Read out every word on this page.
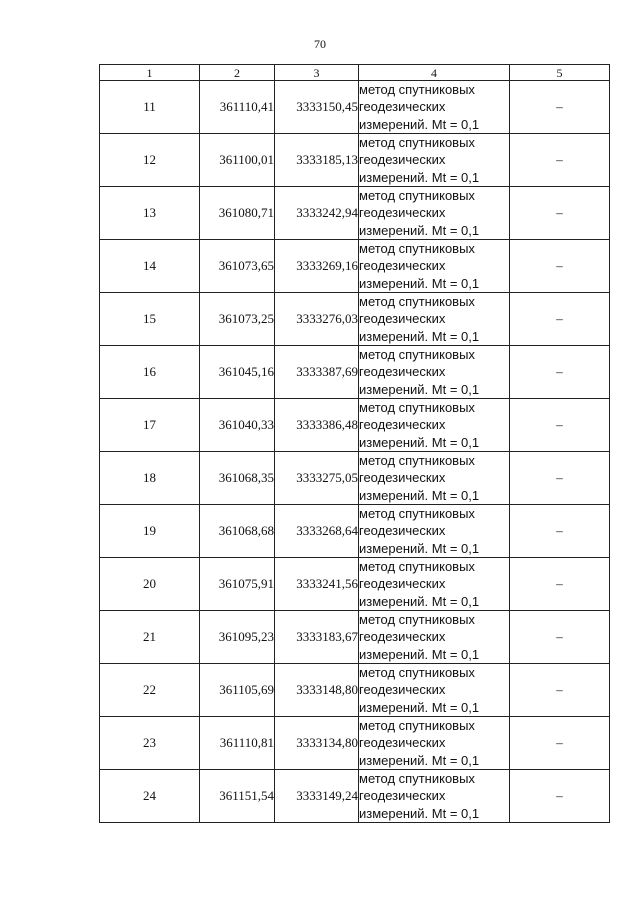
70
1	2	3	4	5
11	361110,41	3333150,45	метод спутниковых
геодезических
измерений. Mt = 0,1	–
12	361100,01	3333185,13	метод спутниковых
геодезических
измерений. Mt = 0,1	–
13	361080,71	3333242,94	метод спутниковых
геодезических
измерений. Mt = 0,1	–
14	361073,65	3333269,16	метод спутниковых
геодезических
измерений. Mt = 0,1	–
15	361073,25	3333276,03	метод спутниковых
геодезических
измерений. Mt = 0,1	–
16	361045,16	3333387,69	метод спутниковых
геодезических
измерений. Mt = 0,1	–
17	361040,33	3333386,48	метод спутниковых
геодезических
измерений. Mt = 0,1	–
18	361068,35	3333275,05	метод спутниковых
геодезических
измерений. Mt = 0,1	–
19	361068,68	3333268,64	метод спутниковых
геодезических
измерений. Mt = 0,1	–
20	361075,91	3333241,56	метод спутниковых
геодезических
измерений. Mt = 0,1	–
21	361095,23	3333183,67	метод спутниковых
геодезических
измерений. Mt = 0,1	–
22	361105,69	3333148,80	метод спутниковых
геодезических
измерений. Mt = 0,1	–
23	361110,81	3333134,80	метод спутниковых
геодезических
измерений. Mt = 0,1	–
24	361151,54	3333149,24	метод спутниковых
геодезических
измерений. Mt = 0,1	–
